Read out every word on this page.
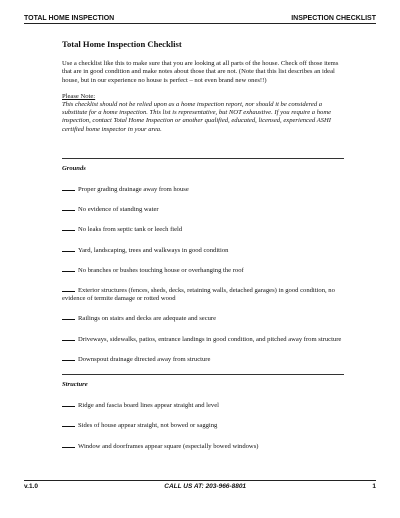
TOTAL HOME INSPECTION	INSPECTION CHECKLIST
Total Home Inspection Checklist
Use a checklist like this to make sure that you are looking at all parts of the house. Check off those items that are in good condition and make notes about those that are not. (Note that this list describes an ideal house, but in our experience no house is perfect – not even brand new ones!!)
Please Note:
This checklist should not be relied upon as a home inspection report, nor should it be considered a substitute for a home inspection. This list is representative, but NOT exhaustive. If you require a home inspection, contact Total Home Inspection or another qualified, educated, licensed, experienced ASHI certified home inspector in your area.
Grounds
Proper grading drainage away from house
No evidence of standing water
No leaks from septic tank or leech field
Yard, landscaping, trees and walkways in good condition
No branches or bushes touching house or overhanging the roof
Exterior structures (fences, sheds, decks, retaining walls, detached garages) in good condition, no evidence of termite damage or rotted wood
Railings on stairs and decks are adequate and secure
Driveways, sidewalks, patios, entrance landings in good condition, and pitched away from structure
Downspout drainage directed away from structure
Structure
Ridge and fascia board lines appear straight and level
Sides of house appear straight, not bowed or sagging
Window and doorframes appear square (especially bowed windows)
v.1.0	CALL US AT: 203-966-8801	1
